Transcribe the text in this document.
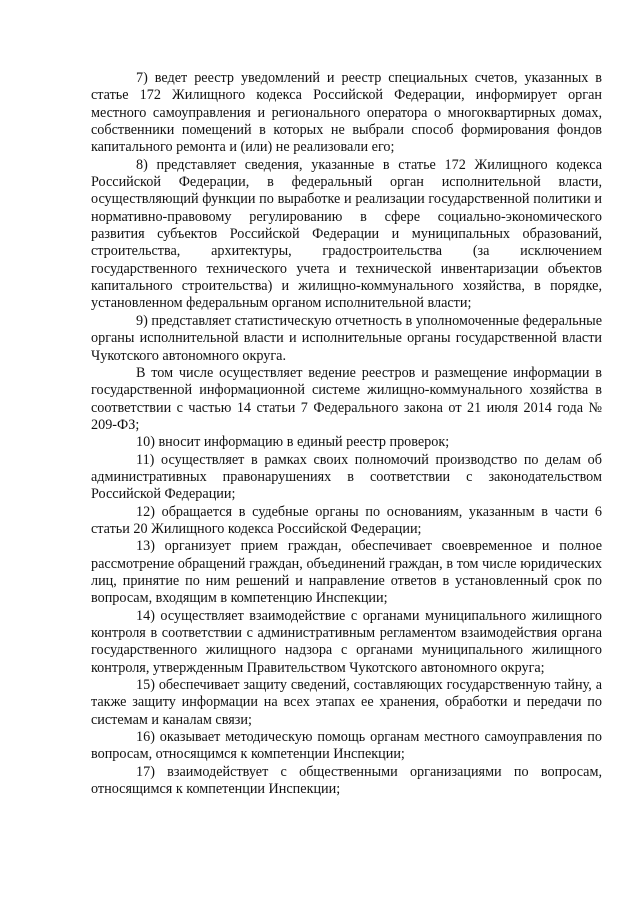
7) ведет реестр уведомлений и реестр специальных счетов, указанных в статье 172 Жилищного кодекса Российской Федерации, информирует орган местного самоуправления и регионального оператора о многоквартирных домах, собственники помещений в которых не выбрали способ формирования фондов капитального ремонта и (или) не реализовали его;

8) представляет сведения, указанные в статье 172 Жилищного кодекса Российской Федерации, в федеральный орган исполнительной власти, осуществляющий функции по выработке и реализации государственной политики и нормативно-правовому регулированию в сфере социально-экономического развития субъектов Российской Федерации и муниципальных образований, строительства, архитектуры, градостроительства (за исключением государственного технического учета и технической инвентаризации объектов капитального строительства) и жилищно-коммунального хозяйства, в порядке, установленном федеральным органом исполнительной власти;

9) представляет статистическую отчетность в уполномоченные федеральные органы исполнительной власти и исполнительные органы государственной власти Чукотского автономного округа.

В том числе осуществляет ведение реестров и размещение информации в государственной информационной системе жилищно-коммунального хозяйства в соответствии с частью 14 статьи 7 Федерального закона от 21 июля 2014 года № 209-ФЗ;

10) вносит информацию в единый реестр проверок;

11) осуществляет в рамках своих полномочий производство по делам об административных правонарушениях в соответствии с законодательством Российской Федерации;

12) обращается в судебные органы по основаниям, указанным в части 6 статьи 20 Жилищного кодекса Российской Федерации;

13) организует прием граждан, обеспечивает своевременное и полное рассмотрение обращений граждан, объединений граждан, в том числе юридических лиц, принятие по ним решений и направление ответов в установленный срок по вопросам, входящим в компетенцию Инспекции;

14) осуществляет взаимодействие с органами муниципального жилищного контроля в соответствии с административным регламентом взаимодействия органа государственного жилищного надзора с органами муниципального жилищного контроля, утвержденным Правительством Чукотского автономного округа;

15) обеспечивает защиту сведений, составляющих государственную тайну, а также защиту информации на всех этапах ее хранения, обработки и передачи по системам и каналам связи;

16) оказывает методическую помощь органам местного самоуправления по вопросам, относящимся к компетенции Инспекции;

17) взаимодействует с общественными организациями по вопросам, относящимся к компетенции Инспекции;
